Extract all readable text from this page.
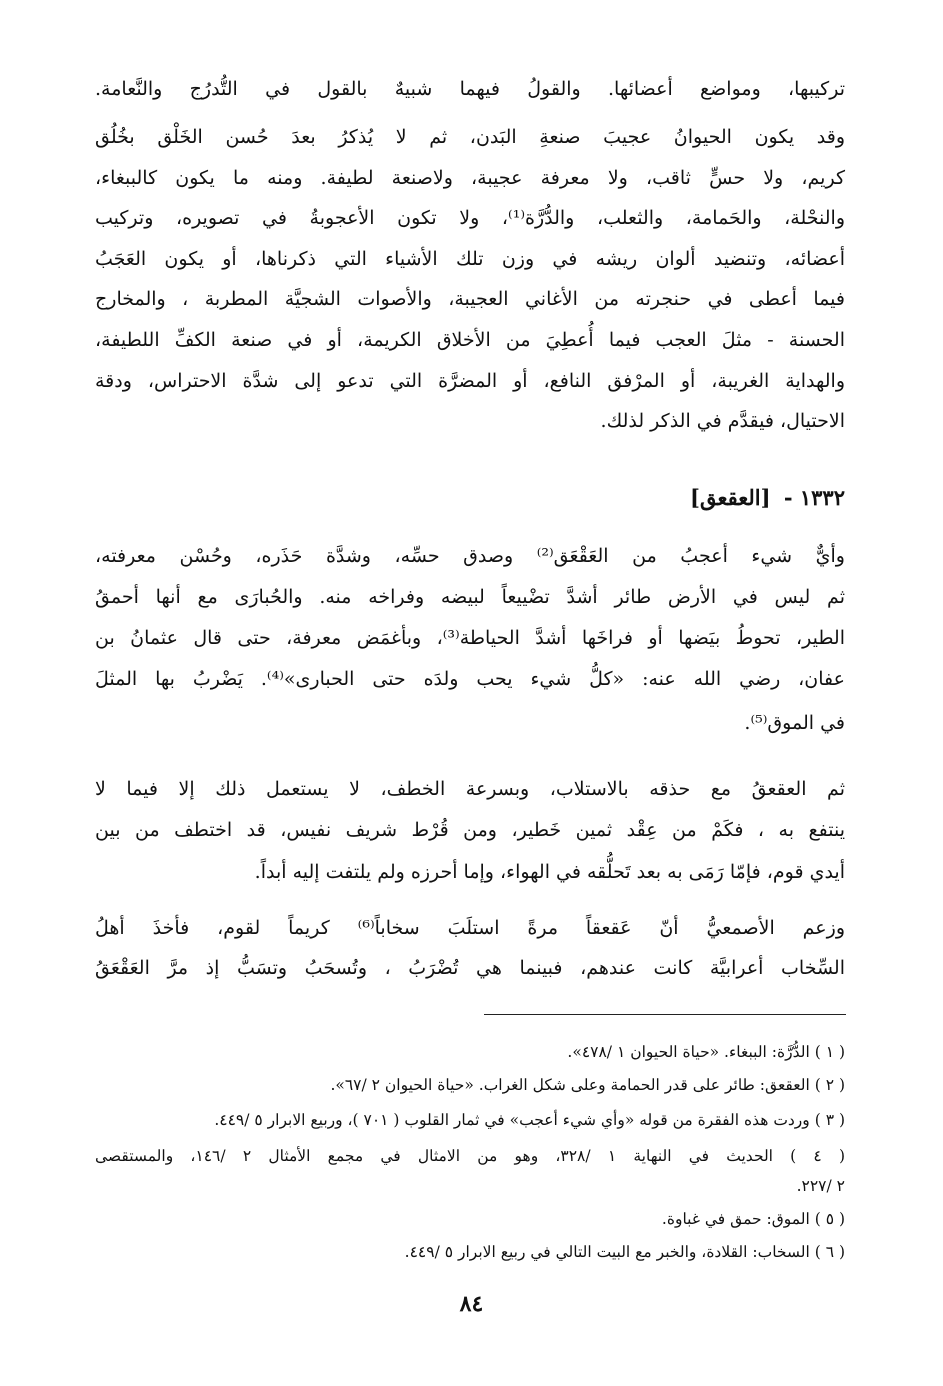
تركيبها، ومواضع أعضائها. والقولُ فيهما شبيهٌ بالقول في التُّدرُج والنَّعامة.
وقد يكون الحيوانُ عجيبَ صنعةِ البَدن، ثم لا يُذكرُ بعدَ حُسن الخَلْق بخُلُق
كريم، ولا حسٍّ ثاقب، ولا معرفة عجيبة، ولاصنعة لطيفة. ومنه ما يكون كالببغاء،
والنحْلة، والحَمامة، والثعلب، والدُّرَّة⁽¹⁾، ولا تكون الأعجوبةُ في تصويره، وتركيب
أعضائه، وتنضيد ألوان ريشه في وزن تلك الأشياء التي ذكرناها، أو يكون العَجَبُ
فيما أعطى في حنجرته من الأغاني العجيبة، والأصوات الشجيَّة المطربة ، والمخارج
الحسنة - مثلَ العجب فيما أُعطِيَ من الأخلاق الكريمة، أو في صنعة الكفِّ اللطيفة،
والهداية الغريبة، أو المرْفق النافع، أو المضرَّة التي تدعو إلى شدَّة الاحتراس، ودقة
الاحتيال، فيقدَّم في الذكر لذلك.
١٣٣٢ - [العقعق]
وأيٌّ شيء أعجبُ من العَقْعَق⁽²⁾ وصدق حسِّه، وشدَّة حَذَره، وحُسْن معرفته،
ثم ليس في الأرض طائر أشدَّ تضْييعاً لبيضه وفراخه منه. والحُبارَى مع أنها أحمقُ
الطير، تحوطُ بيَضها أو فراخَها أشدَّ الحياطة⁽³⁾، وبأغمَض معرفة، حتى قال عثمانُ بن
عفان، رضي الله عنه: «كلُّ شيء يحب ولدَه حتى الحبارى»⁽⁴⁾. يَضْربُ بها المثلَ
في الموق⁽⁵⁾.
ثم العقعقُ مع حذقه بالاستلاب، وبسرعة الخطف، لا يستعمل ذلك إلا فيما لا
ينتفع به ، فكَمْ من عِقْد ثمين خَطير، ومن قُرْط شريف نفيس، قد اختطف من بين
أيدي قوم، فإمّا رَمَى به بعد تَحلُّقه في الهواء، وإما أحرزه ولم يلتفت إليه أبداً.
وزعم الأصمعيُّ أنّ عَقعقاً مرةً استلَبَ سخاباً⁽⁶⁾ كريماً لقوم، فأخذَ أهلُ
السِّخاب أعرابيَّة كانت عندهم، فبينما هي تُضْرَبُ ، وتُسحَبُ وتسَبُّ إذ مرَّ العَقْعَقُ
( ١ ) الدُّرَّة: الببغاء. «حياة الحيوان ١ /٤٧٨».
( ٢ ) العقعق: طائر على قدر الحمامة وعلى شكل الغراب. «حياة الحيوان ٢ /٦٧».
( ٣ ) وردت هذه الفقرة من قوله «وأي شيء أعجب» في ثمار القلوب ( ٧٠١ )، وربيع الابرار ٥ /٤٤٩.
( ٤ ) الحديث في النهاية ١ /٣٢٨، وهو من الامثال في مجمع الأمثال ٢ /١٤٦، والمستقصى
٢ /٢٢٧.
( ٥ ) الموق: حمق في غباوة.
( ٦ ) السخاب: القلادة، والخبر مع البيت التالي في ربيع الابرار ٥ /٤٤٩.
٨٤
